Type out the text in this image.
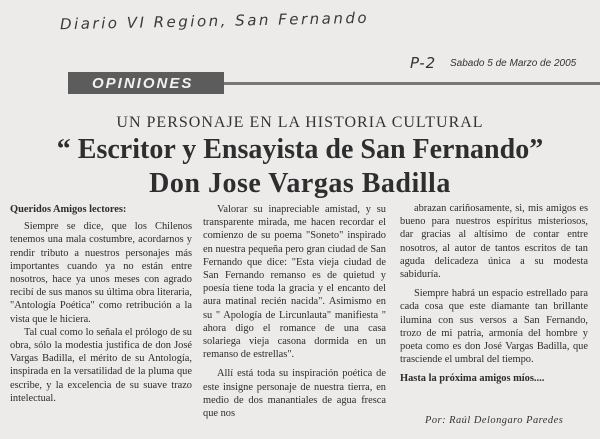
Diario VI Region, San Fernando
P-2 Sabado 5 de Marzo de 2005
OPINIONES
UN PERSONAJE EN LA HISTORIA CULTURAL
“ Escritor y Ensayista de San Fernando”
Don Jose Vargas Badilla

Queridos Amigos lectores:

Siempre se dice, que los Chilenos tenemos una mala costumbre, acordarnos y rendir tributo a nuestros personajes más importantes cuando ya no están entre nosotros, hace ya unos meses con agrado recibí de sus manos su última obra literaria, "Antología Poética" como retribución a la vista que le hiciera.

Tal cual como lo señala el prólogo de su obra, sólo la modestia justifica de don José Vargas Badilla, el mérito de su Antología, inspirada en la versatilidad de la pluma que escribe, y la excelencia de su suave trazo intelectual.

Valorar su inapreciable amistad, y su transparente mirada, me hacen recordar el comienzo de su poema "Soneto" inspirado en nuestra pequeña pero gran ciudad de San Fernando que dice: "Esta vieja ciudad de San Fernando remanso es de quietud y poesía tiene toda la gracia y el encanto del aura matinal recién nacida". Asimismo en su " Apología de Lircunlauta" manifiesta " ahora digo el romance de una casa solariega vieja casona dormida en un remanso de estrellas".

Allí está toda su inspiración poética de este insigne personaje de nuestra tierra, en medio de dos manantiales de agua fresca que nos

abrazan cariñosamente, si, mis amigos es bueno para nuestros espíritus misteriosos, dar gracias al altísimo de contar entre nosotros, al autor de tantos escritos de tan aguda delicadeza única a su modesta sabiduría.

Siempre habrá un espacio estrellado para cada cosa que este diamante tan brillante ilumina con sus versos a San Fernando, trozo de mi patria, armonía del hombre y poeta como es don José Vargas Badilla, que trasciende el umbral del tiempo.

Hasta la próxima amigos míos....

Por: Raúl Delongaro Paredes
